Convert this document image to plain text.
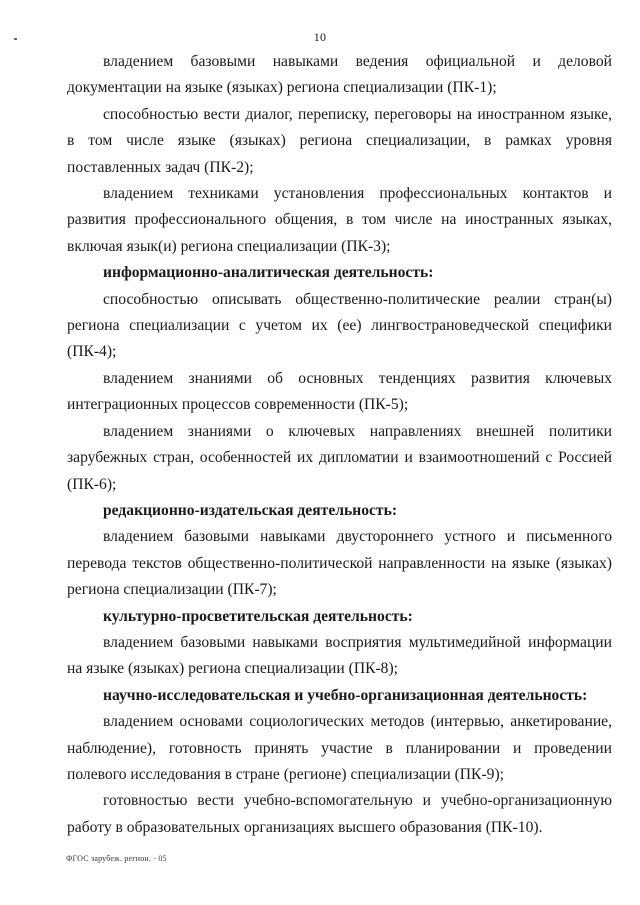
10

владением базовыми навыками ведения официальной и деловой документации на языке (языках) региона специализации (ПК-1);

способностью вести диалог, переписку, переговоры на иностранном языке, в том числе языке (языках) региона специализации, в рамках уровня поставленных задач (ПК-2);

владением техниками установления профессиональных контактов и развития профессионального общения, в том числе на иностранных языках, включая язык(и) региона специализации (ПК-3);

информационно-аналитическая деятельность:

способностью описывать общественно-политические реалии стран(ы) региона специализации с учетом их (ее) лингвострановедческой специфики (ПК-4);

владением знаниями об основных тенденциях развития ключевых интеграционных процессов современности (ПК-5);

владением знаниями о ключевых направлениях внешней политики зарубежных стран, особенностей их дипломатии и взаимоотношений с Россией (ПК-6);

редакционно-издательская деятельность:

владением базовыми навыками двустороннего устного и письменного перевода текстов общественно-политической направленности на языке (языках) региона специализации (ПК-7);

культурно-просветительская деятельность:

владением базовыми навыками восприятия мультимедийной информации на языке (языках) региона специализации (ПК-8);

научно-исследовательская и учебно-организационная деятельность:

владением основами социологических методов (интервью, анкетирование, наблюдение), готовность принять участие в планировании и проведении полевого исследования в стране (регионе) специализации (ПК-9);

готовностью вести учебно-вспомогательную и учебно-организационную работу в образовательных организациях высшего образования (ПК-10).

ФГОС зарубеж. регион. - 05
